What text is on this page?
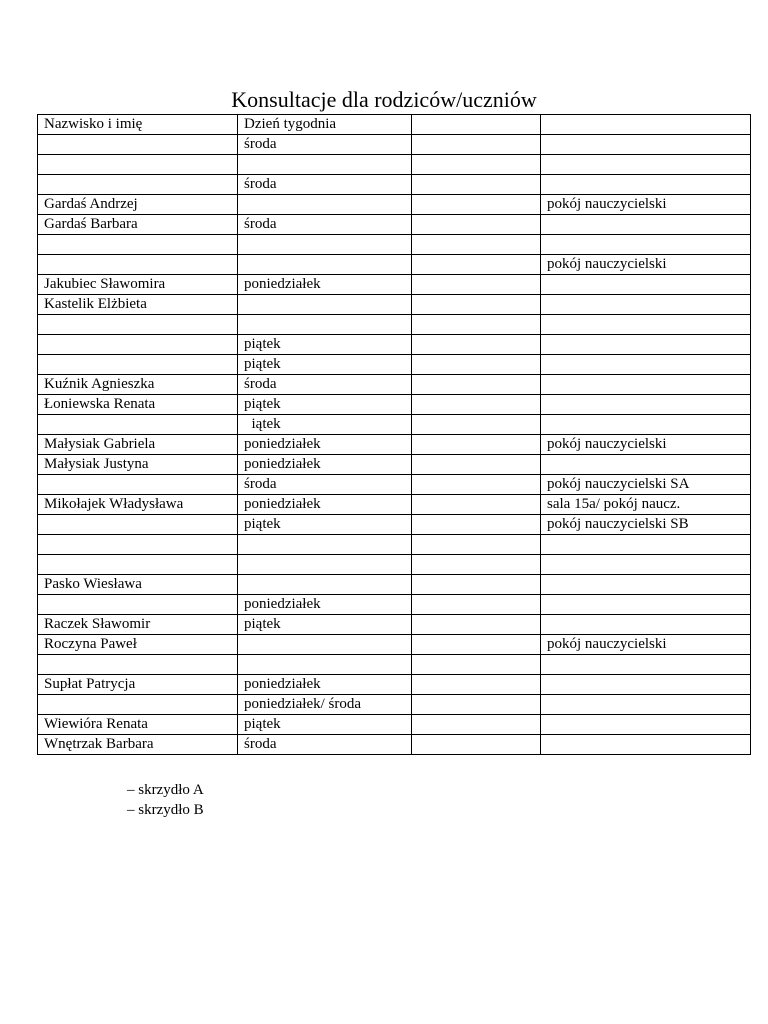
Konsultacje dla rodziców/uczniów
Nazwisko i imię	Dzień tygodnia		
	środa		

	środa		
Gardaś Andrzej			pokój nauczycielski
Gardaś Barbara	środa		

			pokój nauczycielski
Jakubiec Sławomira	poniedziałek		
Kastelik Elżbieta			

	piątek		
	piątek		
Kuźnik Agnieszka	środa		
Łoniewska Renata	piątek		
	iątek		
Małysiak Gabriela	poniedziałek		pokój nauczycielski
Małysiak Justyna	poniedziałek		
	środa		pokój nauczycielski SA
Mikołajek Władysława	poniedziałek		sala 15a/ pokój naucz.
	piątek		pokój nauczycielski SB

Pasko Wiesława			
	poniedziałek		
Raczek Sławomir	piątek		
Roczyna Paweł			pokój nauczycielski

Supłat Patrycja	poniedziałek		
	poniedziałek/ środa		
Wiewióra Renata	piątek		
Wnętrzak Barbara	środa		
– skrzydło A
– skrzydło B
